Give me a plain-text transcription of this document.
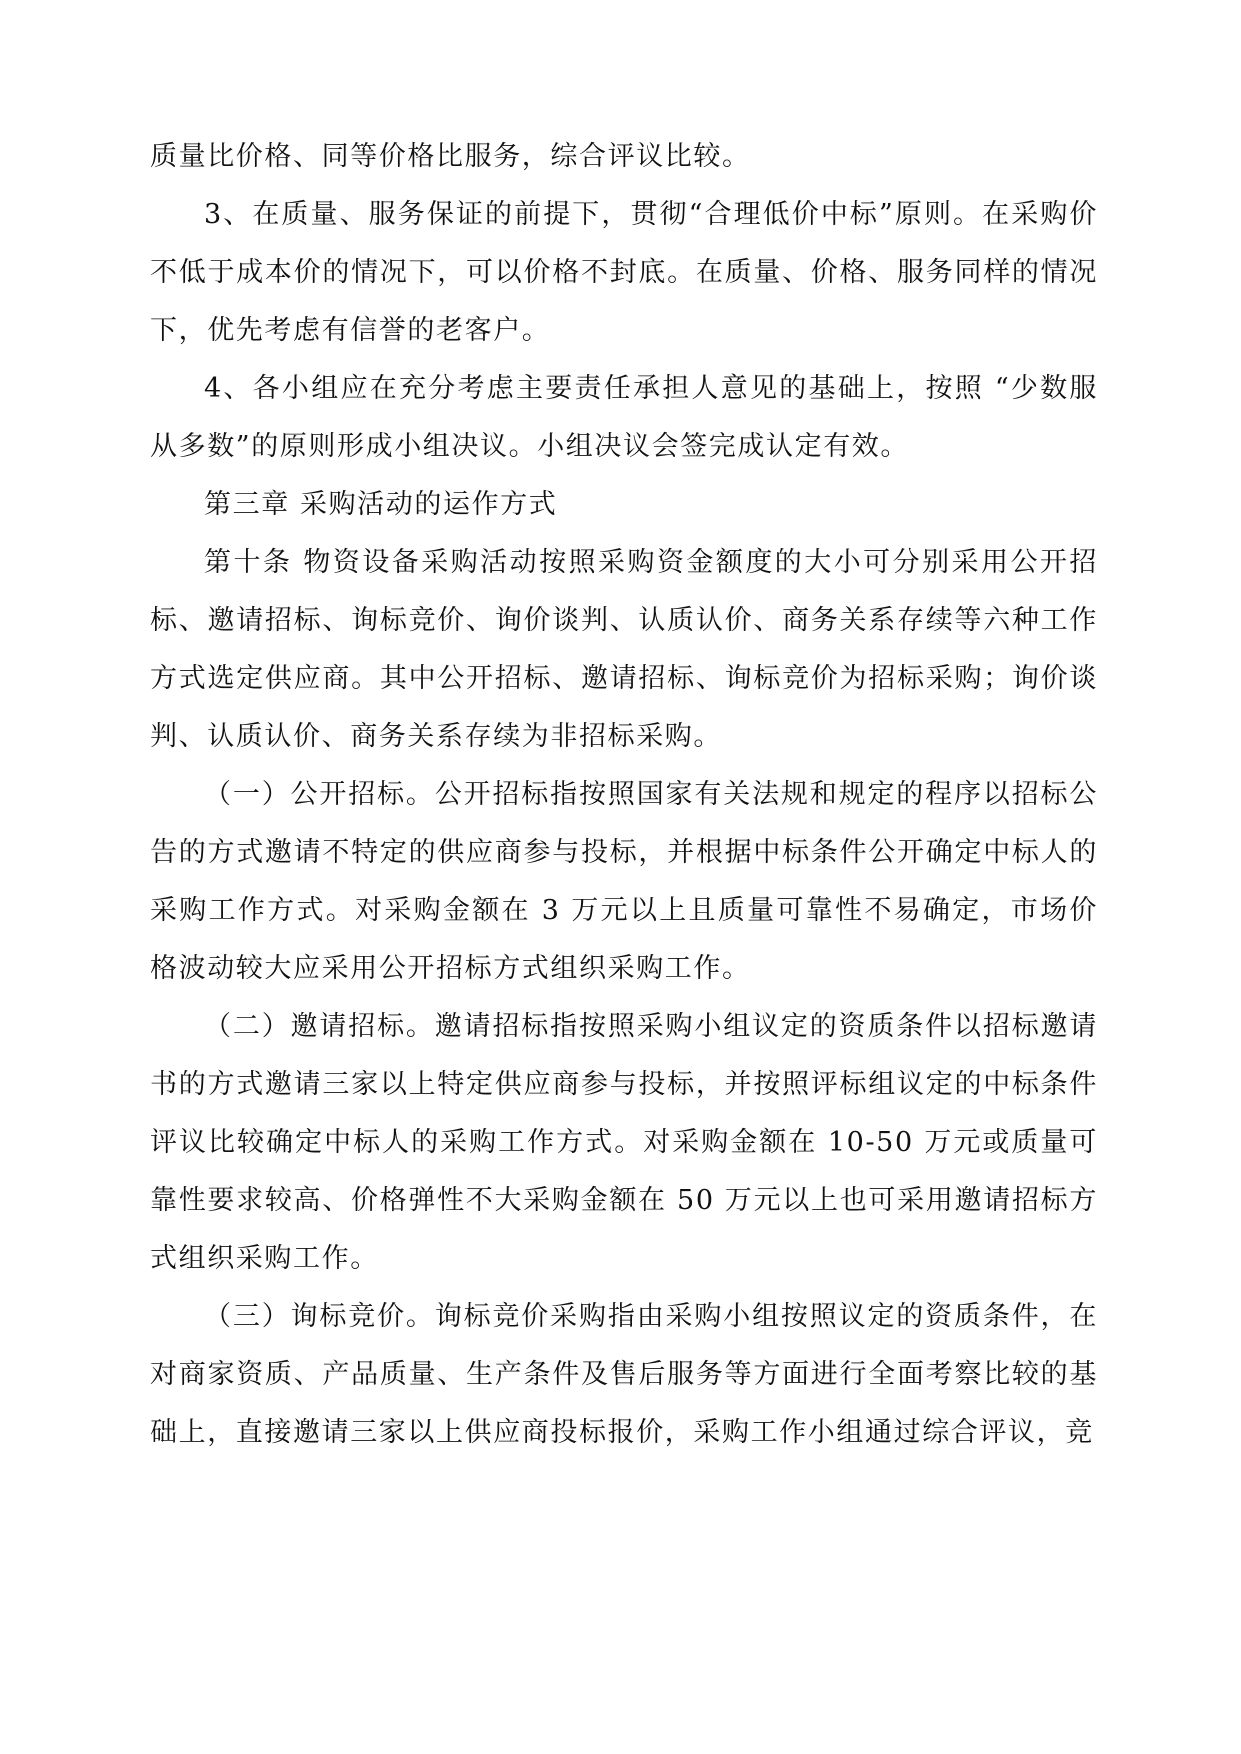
质量比价格、同等价格比服务，综合评议比较。

3、在质量、服务保证的前提下，贯彻“合理低价中标”原则。在采购价不低于成本价的情况下，可以价格不封底。在质量、价格、服务同样的情况下，优先考虑有信誉的老客户。

4、各小组应在充分考虑主要责任承担人意见的基础上，按照 “少数服从多数”的原则形成小组决议。小组决议会签完成认定有效。

第三章 采购活动的运作方式

第十条 物资设备采购活动按照采购资金额度的大小可分别采用公开招标、邀请招标、询标竞价、询价谈判、认质认价、商务关系存续等六种工作方式选定供应商。其中公开招标、邀请招标、询标竞价为招标采购；询价谈判、认质认价、商务关系存续为非招标采购。

（一）公开招标。公开招标指按照国家有关法规和规定的程序以招标公告的方式邀请不特定的供应商参与投标，并根据中标条件公开确定中标人的采购工作方式。对采购金额在 3 万元以上且质量可靠性不易确定，市场价格波动较大应采用公开招标方式组织采购工作。

（二）邀请招标。邀请招标指按照采购小组议定的资质条件以招标邀请书的方式邀请三家以上特定供应商参与投标，并按照评标组议定的中标条件评议比较确定中标人的采购工作方式。对采购金额在 10-50 万元或质量可靠性要求较高、价格弹性不大采购金额在 50 万元以上也可采用邀请招标方式组织采购工作。

（三）询标竞价。询标竞价采购指由采购小组按照议定的资质条件，在对商家资质、产品质量、生产条件及售后服务等方面进行全面考察比较的基础上，直接邀请三家以上供应商投标报价，采购工作小组通过综合评议，竞
